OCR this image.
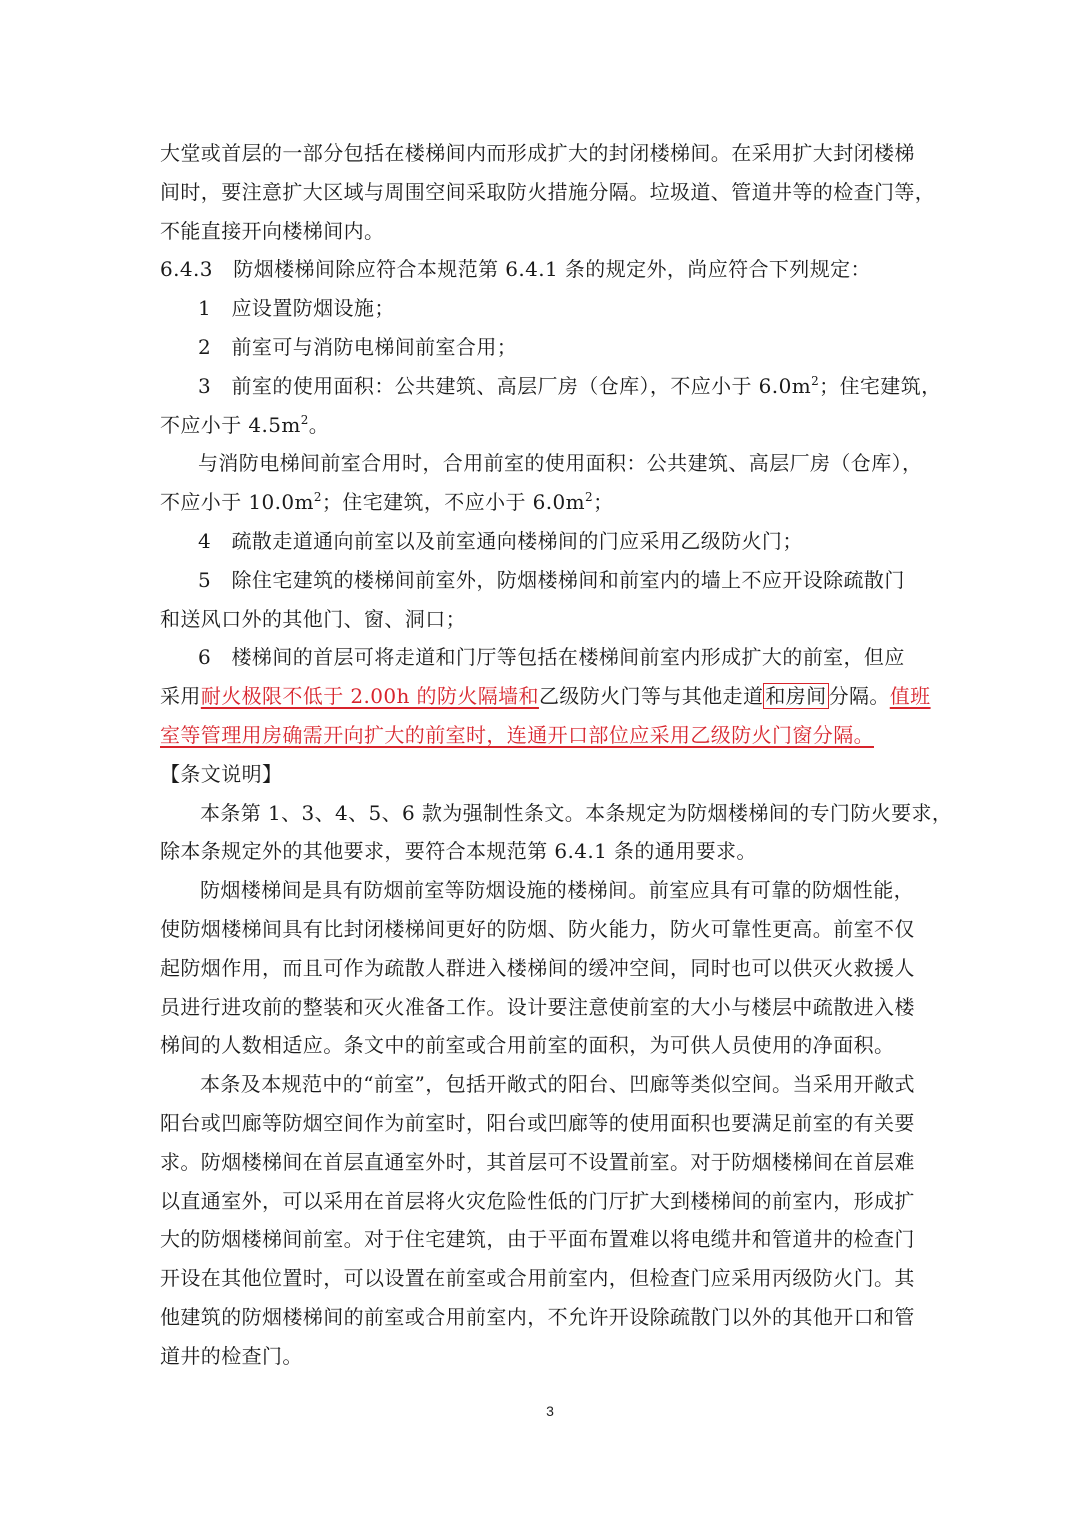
大堂或首层的一部分包括在楼梯间内而形成扩大的封闭楼梯间。在采用扩大封闭楼梯
间时，要注意扩大区域与周围空间采取防火措施分隔。垃圾道、管道井等的检查门等，
不能直接开向楼梯间内。
6.4.3　防烟楼梯间除应符合本规范第 6.4.1 条的规定外，尚应符合下列规定：
1　应设置防烟设施；
2　前室可与消防电梯间前室合用；
3　前室的使用面积：公共建筑、高层厂房（仓库），不应小于 $6.0m^2$；住宅建筑，
不应小于 $4.5m^2$。
与消防电梯间前室合用时，合用前室的使用面积：公共建筑、高层厂房（仓库），
不应小于 $10.0m^2$；住宅建筑，不应小于 $6.0m^2$；
4　疏散走道通向前室以及前室通向楼梯间的门应采用乙级防火门；
5　除住宅建筑的楼梯间前室外，防烟楼梯间和前室内的墙上不应开设除疏散门
和送风口外的其他门、窗、洞口；
6　楼梯间的首层可将走道和门厅等包括在楼梯间前室内形成扩大的前室，但应
采用耐火极限不低于 2.00h 的防火隔墙和乙级防火门等与其他走道 和房间 分隔。值班
室等管理用房确需开向扩大的前室时，连通开口部位应采用乙级防火门窗分隔。
【条文说明】
本条第 1、3、4、5、6 款为强制性条文。本条规定为防烟楼梯间的专门防火要求，
除本条规定外的其他要求，要符合本规范第 6.4.1 条的通用要求。
防烟楼梯间是具有防烟前室等防烟设施的楼梯间。前室应具有可靠的防烟性能，
使防烟楼梯间具有比封闭楼梯间更好的防烟、防火能力，防火可靠性更高。前室不仅
起防烟作用，而且可作为疏散人群进入楼梯间的缓冲空间，同时也可以供灭火救援人
员进行进攻前的整装和灭火准备工作。设计要注意使前室的大小与楼层中疏散进入楼
梯间的人数相适应。条文中的前室或合用前室的面积，为可供人员使用的净面积。
本条及本规范中的“前室”，包括开敞式的阳台、凹廊等类似空间。当采用开敞式
阳台或凹廊等防烟空间作为前室时，阳台或凹廊等的使用面积也要满足前室的有关要
求。防烟楼梯间在首层直通室外时，其首层可不设置前室。对于防烟楼梯间在首层难
以直通室外，可以采用在首层将火灾危险性低的门厅扩大到楼梯间的前室内，形成扩
大的防烟楼梯间前室。对于住宅建筑，由于平面布置难以将电缆井和管道井的检查门
开设在其他位置时，可以设置在前室或合用前室内，但检查门应采用丙级防火门。其
他建筑的防烟楼梯间的前室或合用前室内，不允许开设除疏散门以外的其他开口和管
道井的检查门。
3
